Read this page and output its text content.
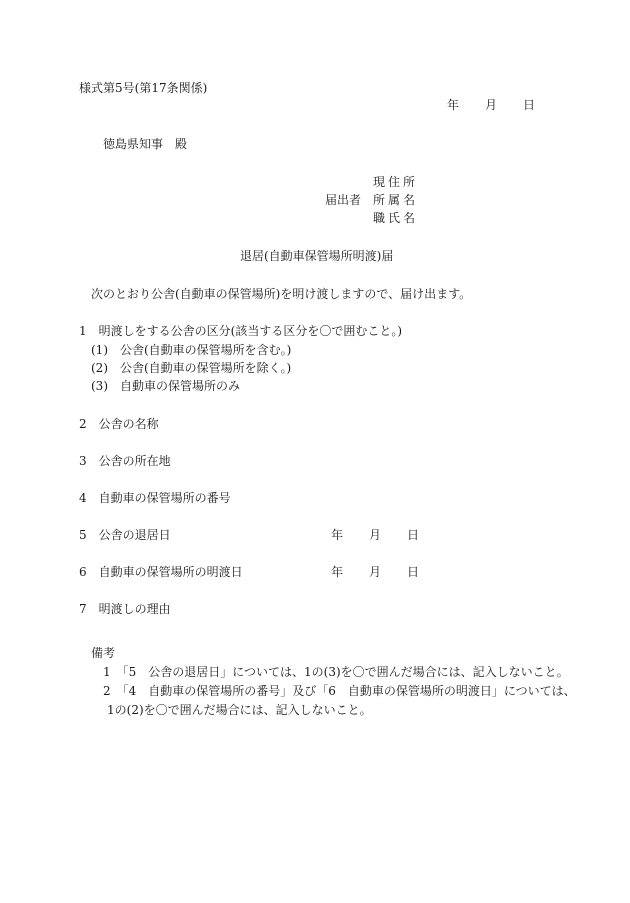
様式第5号(第17条関係)
年 月 日
徳島県知事　殿
現住所
届出者 所属名
職氏名
退居(自動車保管場所明渡)届
次のとおり公舎(自動車の保管場所)を明け渡しますので、届け出ます。
1　明渡しをする公舎の区分(該当する区分を〇で囲むこと。)
(1)　公舎(自動車の保管場所を含む。)
(2)　公舎(自動車の保管場所を除く。)
(3)　自動車の保管場所のみ
2　公舎の名称
3　公舎の所在地
4　自動車の保管場所の番号
5　公舎の退居日	年 月 日
6　自動車の保管場所の明渡日	年 月 日
7　明渡しの理由
備考
1　「5　公舎の退居日」については、1の(3)を〇で囲んだ場合には、記入しないこと。
2　「4　自動車の保管場所の番号」及び「6　自動車の保管場所の明渡日」については、
1の(2)を〇で囲んだ場合には、記入しないこと。
